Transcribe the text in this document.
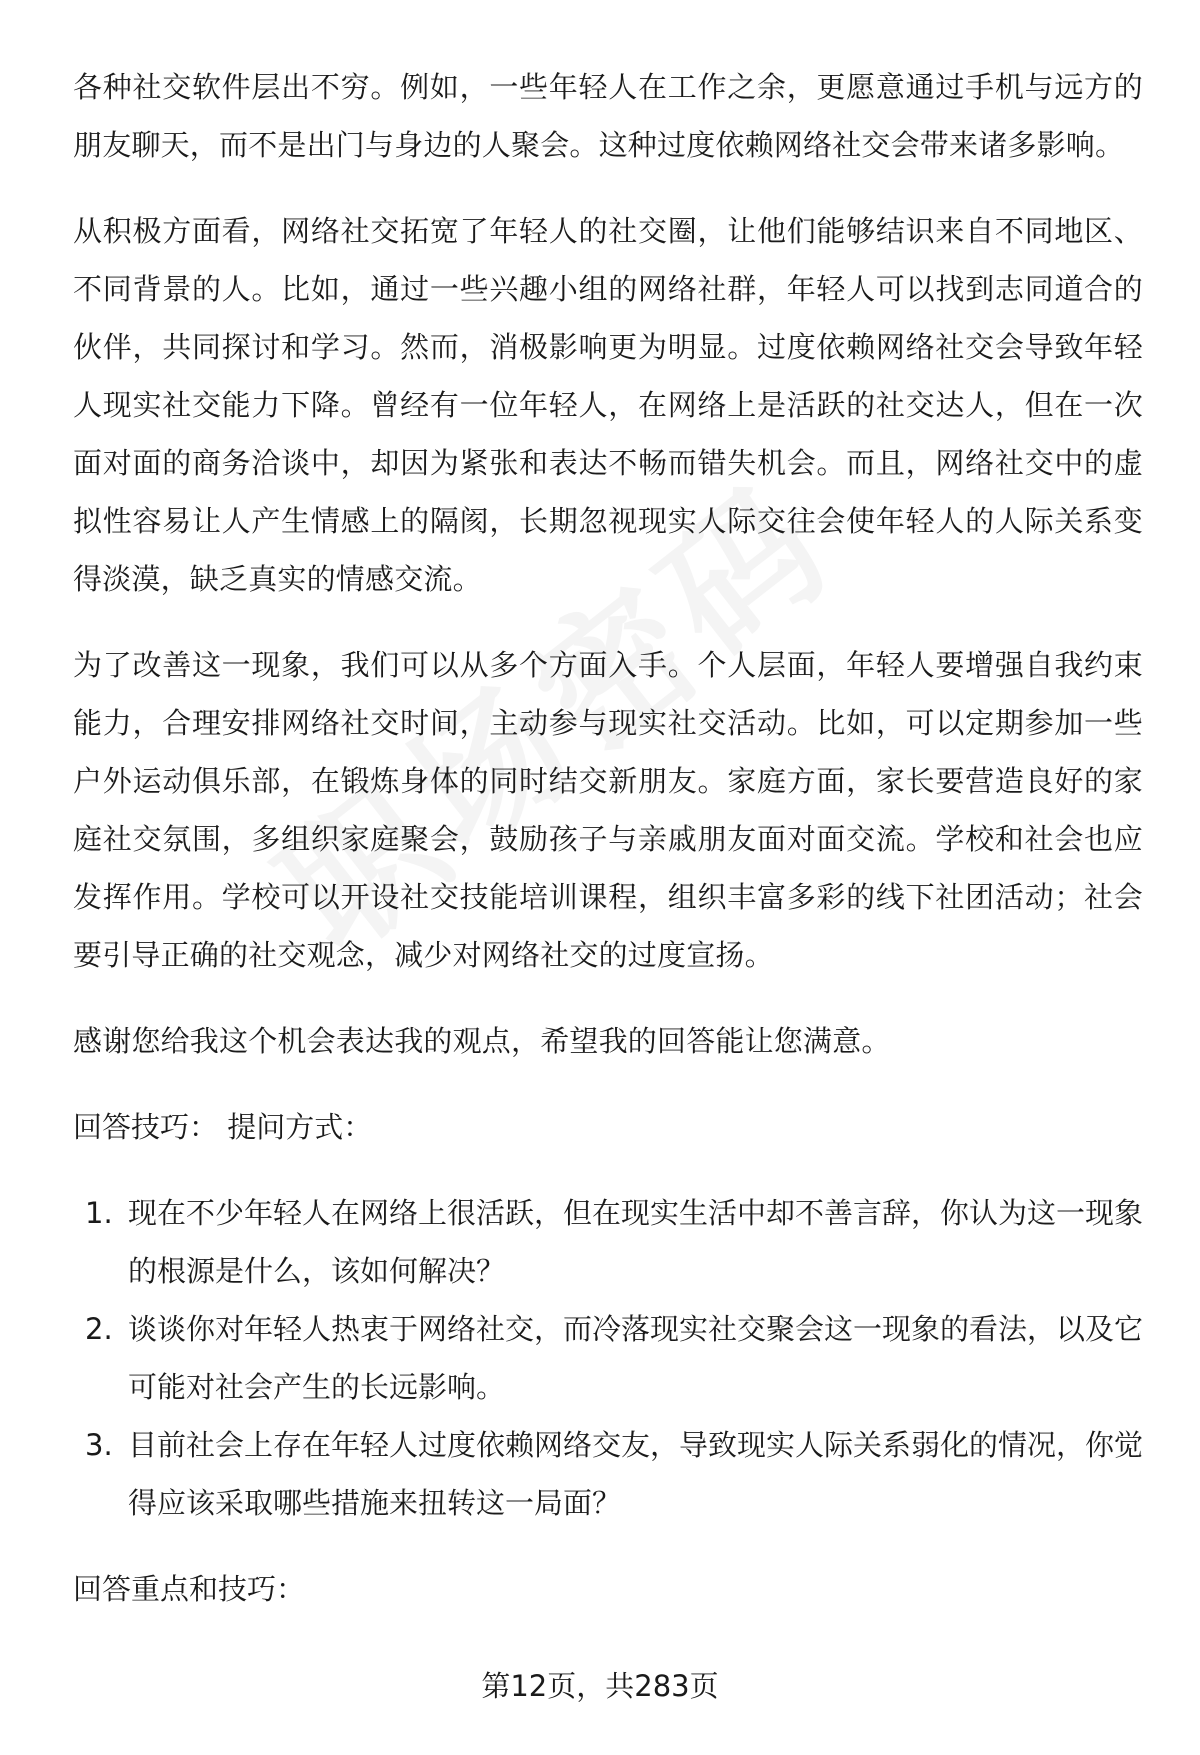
各种社交软件层出不穷。例如，一些年轻人在工作之余，更愿意通过手机与远方的朋友聊天，而不是出门与身边的人聚会。这种过度依赖网络社交会带来诸多影响。

从积极方面看，网络社交拓宽了年轻人的社交圈，让他们能够结识来自不同地区、不同背景的人。比如，通过一些兴趣小组的网络社群，年轻人可以找到志同道合的伙伴，共同探讨和学习。然而，消极影响更为明显。过度依赖网络社交会导致年轻人现实社交能力下降。曾经有一位年轻人，在网络上是活跃的社交达人，但在一次面对面的商务洽谈中，却因为紧张和表达不畅而错失机会。而且，网络社交中的虚拟性容易让人产生情感上的隔阂，长期忽视现实人际交往会使年轻人的人际关系变得淡漠，缺乏真实的情感交流。

为了改善这一现象，我们可以从多个方面入手。个人层面，年轻人要增强自我约束能力，合理安排网络社交时间，主动参与现实社交活动。比如，可以定期参加一些户外运动俱乐部，在锻炼身体的同时结交新朋友。家庭方面，家长要营造良好的家庭社交氛围，多组织家庭聚会，鼓励孩子与亲戚朋友面对面交流。学校和社会也应发挥作用。学校可以开设社交技能培训课程，组织丰富多彩的线下社团活动；社会要引导正确的社交观念，减少对网络社交的过度宣扬。

感谢您给我这个机会表达我的观点，希望我的回答能让您满意。

回答技巧： 提问方式：
1. 现在不少年轻人在网络上很活跃，但在现实生活中却不善言辞，你认为这一现象的根源是什么，该如何解决？
2. 谈谈你对年轻人热衷于网络社交，而冷落现实社交聚会这一现象的看法，以及它可能对社会产生的长远影响。
3. 目前社会上存在年轻人过度依赖网络交友，导致现实人际关系弱化的情况，你觉得应该采取哪些措施来扭转这一局面？
回答重点和技巧：
第12页，共283页
